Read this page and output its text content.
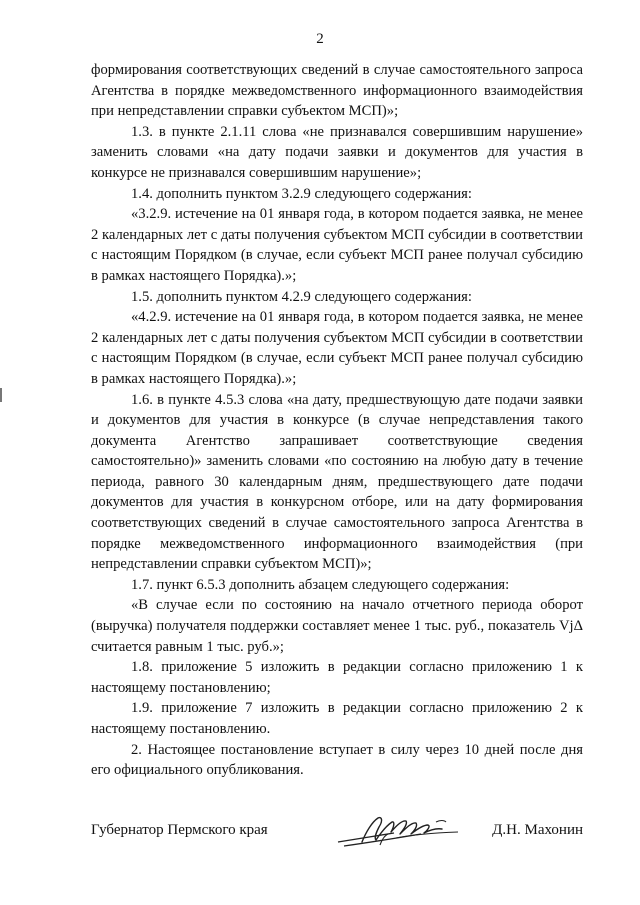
2

формирования соответствующих сведений в случае самостоятельного запроса Агентства в порядке межведомственного информационного взаимодействия при непредставлении справки субъектом МСП)»;

1.3. в пункте 2.1.11 слова «не признавался совершившим нарушение» заменить словами «на дату подачи заявки и документов для участия в конкурсе не признавался совершившим нарушение»;

1.4. дополнить пунктом 3.2.9 следующего содержания:

«3.2.9. истечение на 01 января года, в котором подается заявка, не менее 2 календарных лет с даты получения субъектом МСП субсидии в соответствии с настоящим Порядком (в случае, если субъект МСП ранее получал субсидию в рамках настоящего Порядка).»;

1.5. дополнить пунктом 4.2.9 следующего содержания:

«4.2.9. истечение на 01 января года, в котором подается заявка, не менее 2 календарных лет с даты получения субъектом МСП субсидии в соответствии с настоящим Порядком (в случае, если субъект МСП ранее получал субсидию в рамках настоящего Порядка).»;

1.6. в пункте 4.5.3 слова «на дату, предшествующую дате подачи заявки и документов для участия в конкурсе (в случае непредставления такого документа Агентство запрашивает соответствующие сведения самостоятельно)» заменить словами «по состоянию на любую дату в течение периода, равного 30 календарным дням, предшествующего дате подачи документов для участия в конкурсном отборе, или на дату формирования соответствующих сведений в случае самостоятельного запроса Агентства в порядке межведомственного информационного взаимодействия (при непредставлении справки субъектом МСП)»;

1.7. пункт 6.5.3 дополнить абзацем следующего содержания:

«В случае если по состоянию на начало отчетного периода оборот (выручка) получателя поддержки составляет менее 1 тыс. руб., показатель VjΔ считается равным 1 тыс. руб.»;

1.8. приложение 5 изложить в редакции согласно приложению 1 к настоящему постановлению;

1.9. приложение 7 изложить в редакции согласно приложению 2 к настоящему постановлению.

2. Настоящее постановление вступает в силу через 10 дней после дня его официального опубликования.

Губернатор Пермского края	Д.Н. Махонин
